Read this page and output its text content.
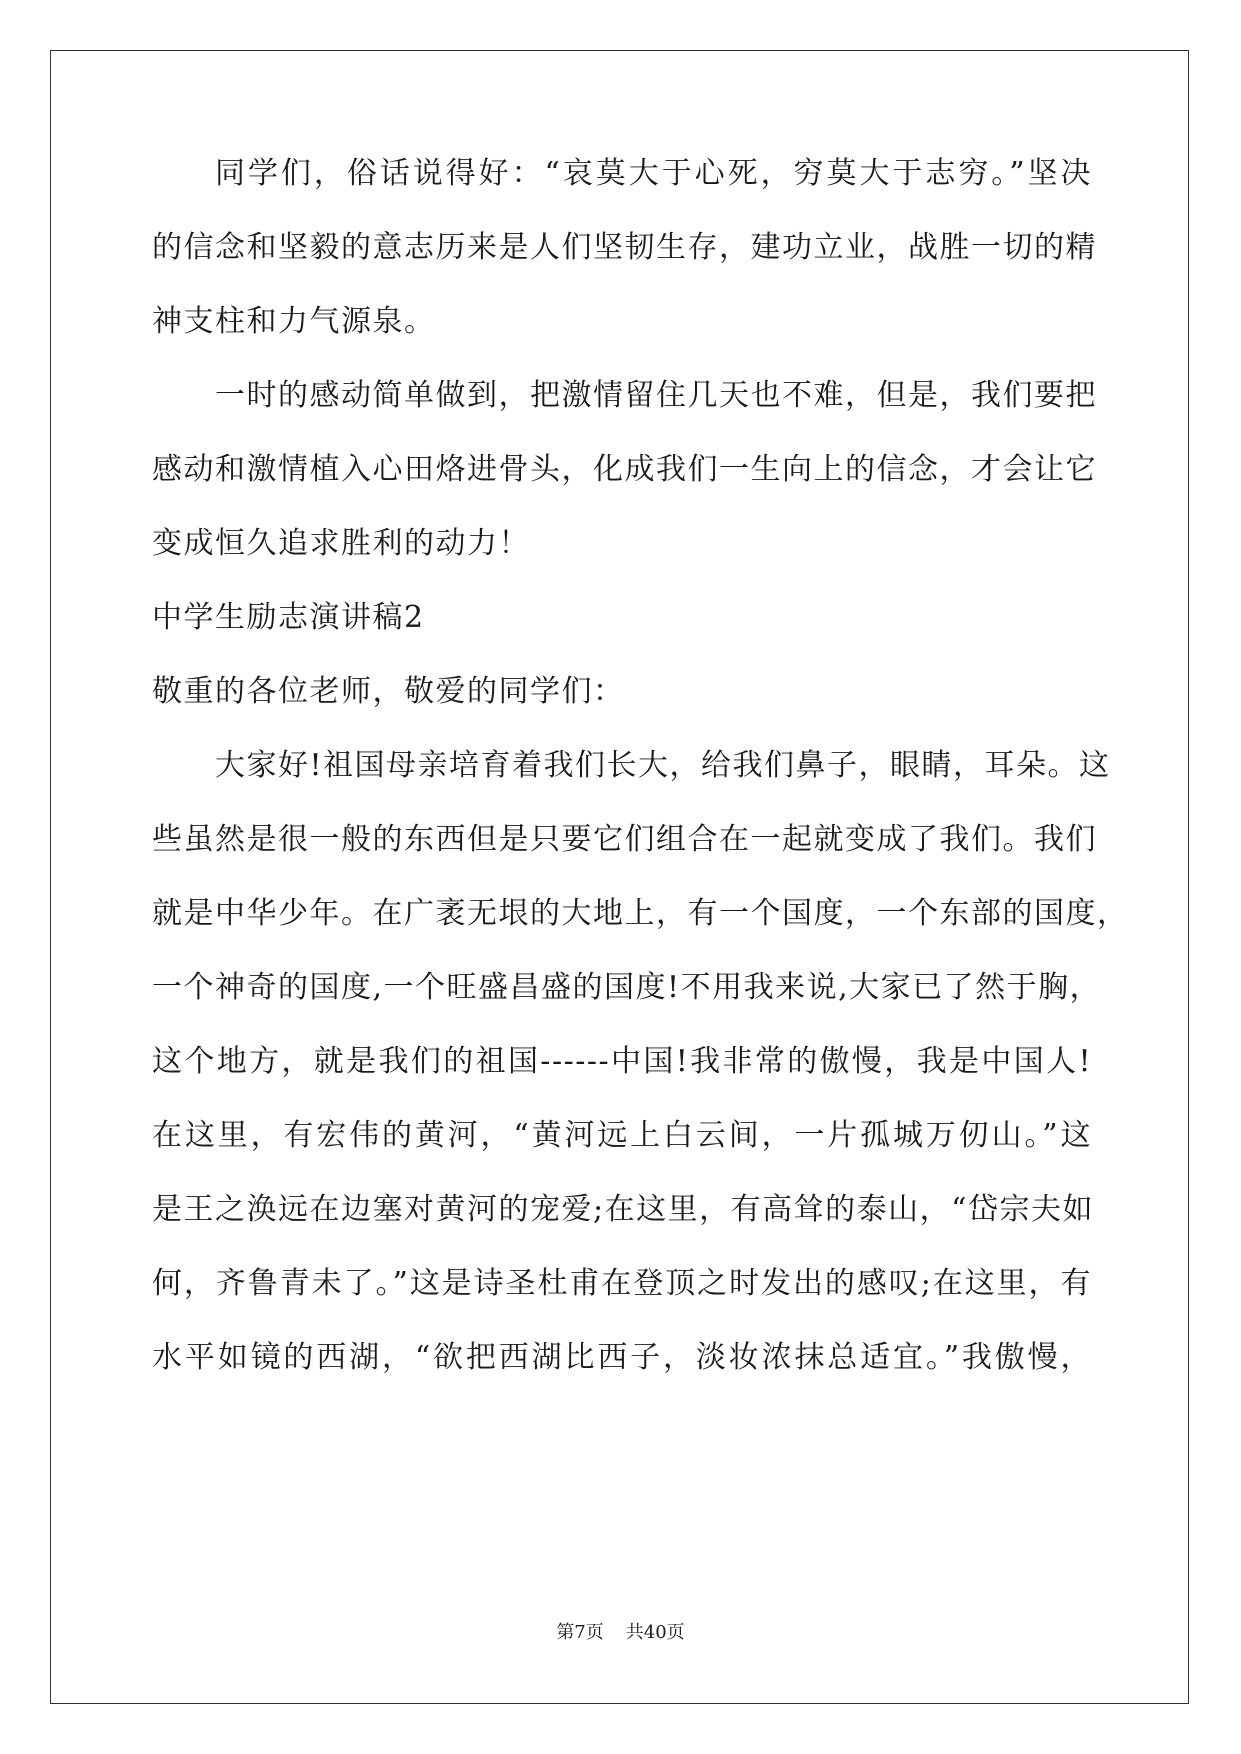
同学们，俗话说得好：“哀莫大于心死，穷莫大于志穷。”坚决
的信念和坚毅的意志历来是人们坚韧生存，建功立业，战胜一切的精
神支柱和力气源泉。
一时的感动简单做到，把激情留住几天也不难，但是，我们要把
感动和激情植入心田烙进骨头，化成我们一生向上的信念，才会让它
变成恒久追求胜利的动力！
中学生励志演讲稿2
敬重的各位老师，敬爱的同学们：
大家好!祖国母亲培育着我们长大，给我们鼻子，眼睛，耳朵。这
些虽然是很一般的东西但是只要它们组合在一起就变成了我们。我们
就是中华少年。在广袤无垠的大地上，有一个国度，一个东部的国度，
一个神奇的国度,一个旺盛昌盛的国度!不用我来说,大家已了然于胸，
这个地方，就是我们的祖国------中国!我非常的傲慢，我是中国人!
在这里，有宏伟的黄河，“黄河远上白云间，一片孤城万仞山。”这
是王之涣远在边塞对黄河的宠爱;在这里，有高耸的泰山，“岱宗夫如
何，齐鲁青未了。”这是诗圣杜甫在登顶之时发出的感叹;在这里，有
水平如镜的西湖，“欲把西湖比西子，淡妆浓抹总适宜。”我傲慢，
第7页 共40页
